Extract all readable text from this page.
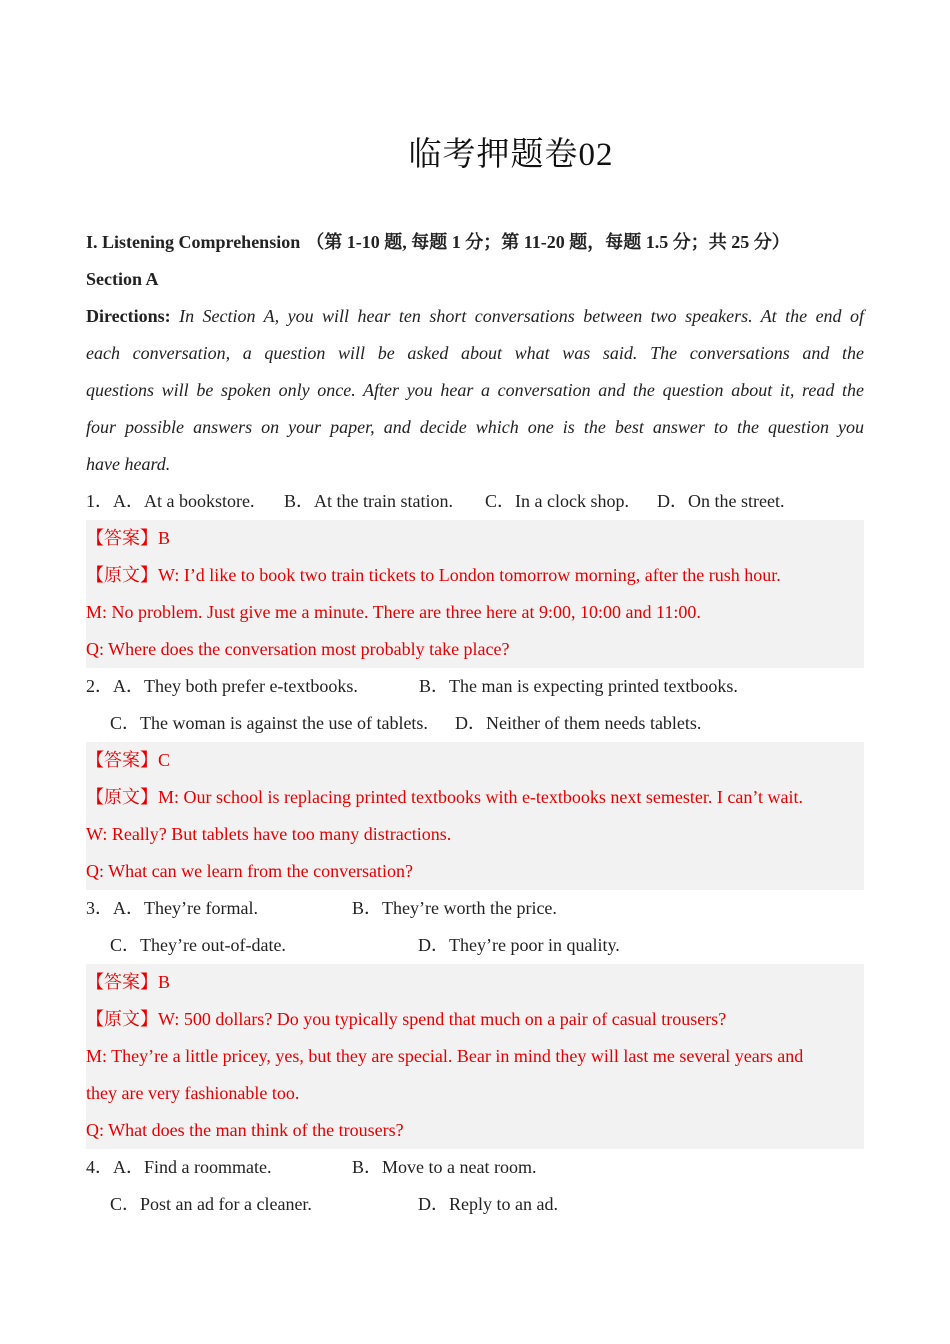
临考押题卷02
I. Listening Comprehension （第 1-10 题, 每题 1 分；第 11-20 题，每题 1.5 分；共 25 分）
Section A
Directions: In Section A, you will hear ten short conversations between two speakers. At the end of
each conversation, a question will be asked about what was said. The conversations and the
questions will be spoken only once. After you hear a conversation and the question about it, read the
four possible answers on your paper, and decide which one is the best answer to the question you
have heard.
1．A．At a bookstore. B．At the train station. C．In a clock shop. D．On the street.
【答案】B
【原文】W: I’d like to book two train tickets to London tomorrow morning, after the rush hour.
M: No problem. Just give me a minute. There are three here at 9:00, 10:00 and 11:00.
Q: Where does the conversation most probably take place?
2．A．They both prefer e-textbooks.	B．The man is expecting printed textbooks.
C．The woman is against the use of tablets. D．Neither of them needs tablets.
【答案】C
【原文】M: Our school is replacing printed textbooks with e-textbooks next semester. I can’t wait.
W: Really? But tablets have too many distractions.
Q: What can we learn from the conversation?
3．A．They’re formal.	B．They’re worth the price.
C．They’re out-of-date.	D．They’re poor in quality.
【答案】B
【原文】W: 500 dollars? Do you typically spend that much on a pair of casual trousers?
M: They’re a little pricey, yes, but they are special. Bear in mind they will last me several years and
they are very fashionable too.
Q: What does the man think of the trousers?
4．A．Find a roommate.	B．Move to a neat room.
C．Post an ad for a cleaner.	D．Reply to an ad.
